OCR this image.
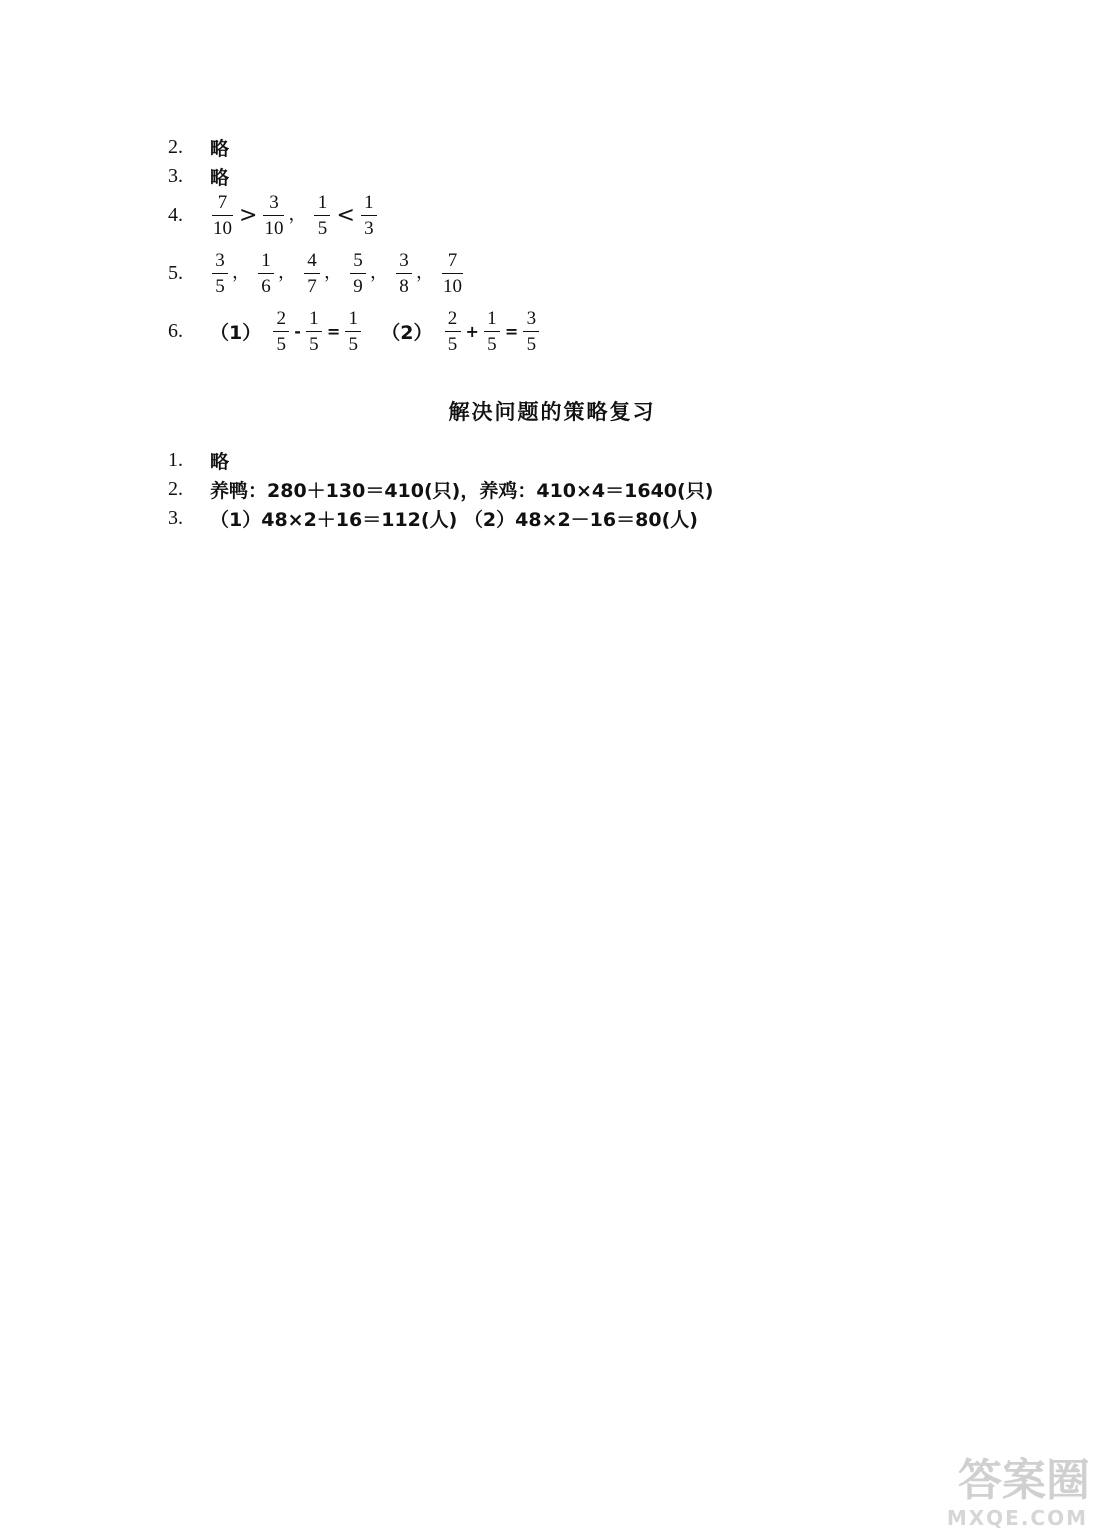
2.	略
3.	略
4.	$\frac{7}{10} > \frac{3}{10}$ ， $\frac{1}{5} < \frac{1}{3}$
5.	$\frac{3}{5}$ ， $\frac{1}{6}$ ， $\frac{4}{7}$ ， $\frac{5}{9}$ ， $\frac{3}{8}$ ， $\frac{7}{10}$
6.	$(1) \frac{2}{5} - \frac{1}{5} = \frac{1}{5} (2) \frac{2}{5} + \frac{1}{5} = \frac{3}{5}$
解决问题的策略复习
1.	略
2.	养鸭：280＋130＝410(只)，养鸡：410×4＝1640(只)
3.	（1）48×2＋16＝112(人) （2）48×2－16＝80(人)
答案圈
MXQE.COM
